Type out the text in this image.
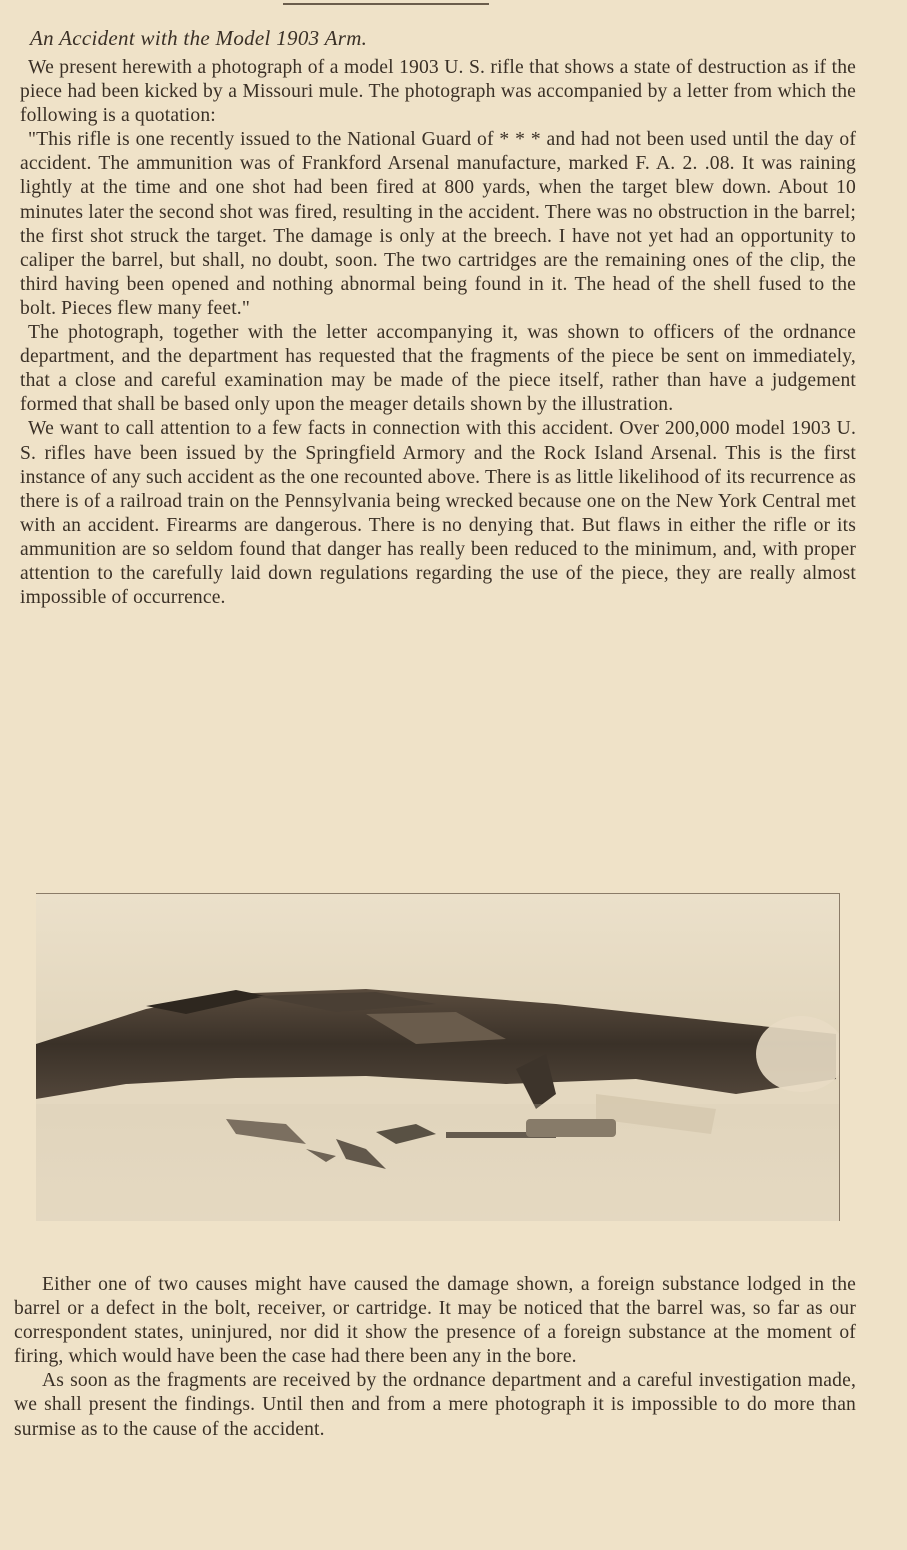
An Accident with the Model 1903 Arm.

We present herewith a photograph of a model 1903 U. S. rifle that shows a state of destruction as if the piece had been kicked by a Missouri mule. The photograph was accompanied by a letter from which the following is a quotation:

"This rifle is one recently issued to the National Guard of * * * and had not been used until the day of accident. The ammunition was of Frankford Arsenal manufacture, marked F. A. 2. .08. It was raining lightly at the time and one shot had been fired at 800 yards, when the target blew down. About 10 minutes later the second shot was fired, resulting in the accident. There was no obstruction in the barrel; the first shot struck the target. The damage is only at the breech. I have not yet had an opportunity to caliper the barrel, but shall, no doubt, soon. The two cartridges are the remaining ones of the clip, the third having been opened and nothing abnormal being found in it. The head of the shell fused to the bolt. Pieces flew many feet."

The photograph, together with the letter accompanying it, was shown to officers of the ordnance department, and the department has requested that the fragments of the piece be sent on immediately, that a close and careful examination may be made of the piece itself, rather than have a judgement formed that shall be based only upon the meager details shown by the illustration.

We want to call attention to a few facts in connection with this accident. Over 200,000 model 1903 U. S. rifles have been issued by the Springfield Armory and the Rock Island Arsenal. This is the first instance of any such accident as the one recounted above. There is as little likelihood of its recurrence as there is of a railroad train on the Pennsylvania being wrecked because one on the New York Central met with an accident. Firearms are dangerous. There is no denying that. But flaws in either the rifle or its ammunition are so seldom found that danger has really been reduced to the minimum, and, with proper attention to the carefully laid down regulations regarding the use of the piece, they are really almost impossible of occurrence.

Either one of two causes might have caused the damage shown, a foreign substance lodged in the barrel or a defect in the bolt, receiver, or cartridge. It may be noticed that the barrel was, so far as our correspondent states, uninjured, nor did it show the presence of a foreign substance at the moment of firing, which would have been the case had there been any in the bore.

As soon as the fragments are received by the ordnance department and a careful investigation made, we shall present the findings. Until then and from a mere photograph it is impossible to do more than surmise as to the cause of the accident.
